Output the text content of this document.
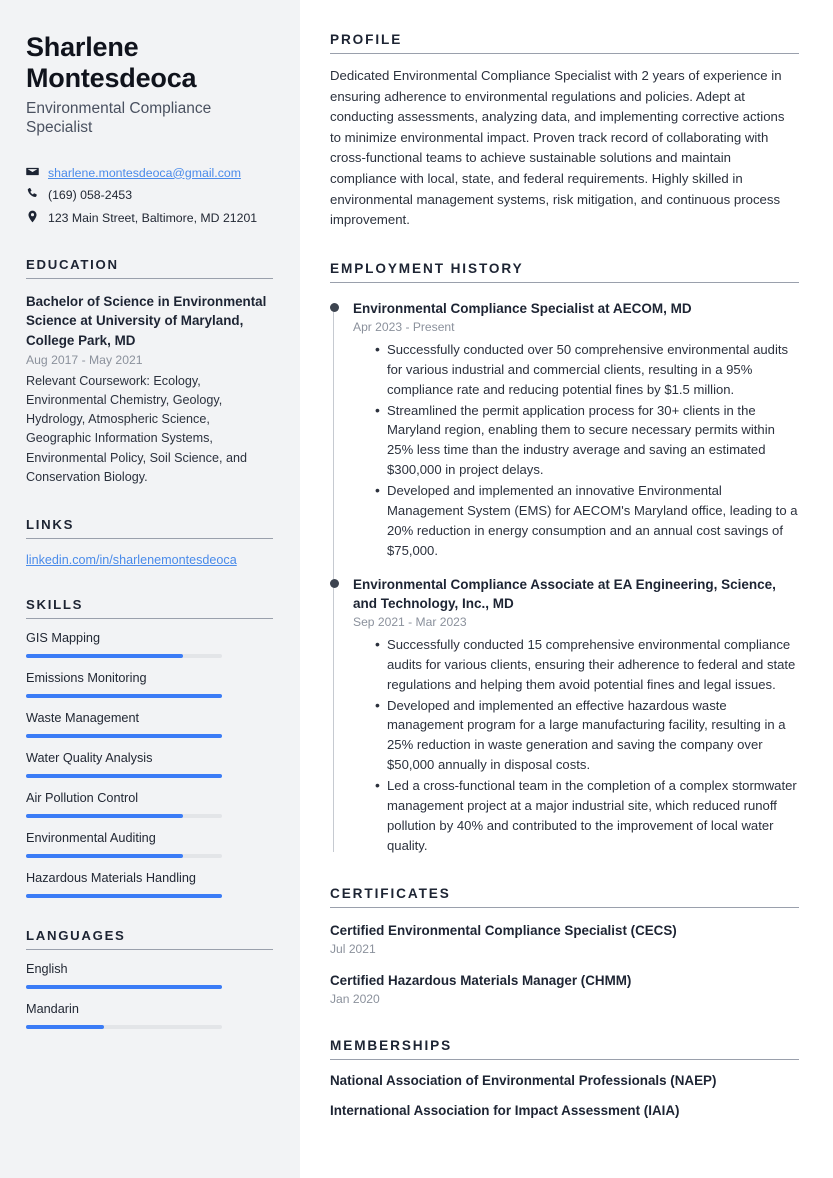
Sharlene Montesdeoca
Environmental Compliance Specialist
sharlene.montesdeoca@gmail.com
(169) 058-2453
123 Main Street, Baltimore, MD 21201
EDUCATION
Bachelor of Science in Environmental Science at University of Maryland, College Park, MD
Aug 2017 - May 2021
Relevant Coursework: Ecology, Environmental Chemistry, Geology, Hydrology, Atmospheric Science, Geographic Information Systems, Environmental Policy, Soil Science, and Conservation Biology.
LINKS
linkedin.com/in/sharlenemontesdeoca
SKILLS
GIS Mapping
Emissions Monitoring
Waste Management
Water Quality Analysis
Air Pollution Control
Environmental Auditing
Hazardous Materials Handling
LANGUAGES
English
Mandarin
PROFILE

Dedicated Environmental Compliance Specialist with 2 years of experience in ensuring adherence to environmental regulations and policies. Adept at conducting assessments, analyzing data, and implementing corrective actions to minimize environmental impact. Proven track record of collaborating with cross-functional teams to achieve sustainable solutions and maintain compliance with local, state, and federal requirements. Highly skilled in environmental management systems, risk mitigation, and continuous process improvement.

EMPLOYMENT HISTORY
Environmental Compliance Specialist at AECOM, MD
Apr 2023 - Present
• Successfully conducted over 50 comprehensive environmental audits for various industrial and commercial clients, resulting in a 95% compliance rate and reducing potential fines by $1.5 million.
• Streamlined the permit application process for 30+ clients in the Maryland region, enabling them to secure necessary permits within 25% less time than the industry average and saving an estimated $300,000 in project delays.
• Developed and implemented an innovative Environmental Management System (EMS) for AECOM's Maryland office, leading to a 20% reduction in energy consumption and an annual cost savings of $75,000.
Environmental Compliance Associate at EA Engineering, Science, and Technology, Inc., MD
Sep 2021 - Mar 2023
• Successfully conducted 15 comprehensive environmental compliance audits for various clients, ensuring their adherence to federal and state regulations and helping them avoid potential fines and legal issues.
• Developed and implemented an effective hazardous waste management program for a large manufacturing facility, resulting in a 25% reduction in waste generation and saving the company over $50,000 annually in disposal costs.
• Led a cross-functional team in the completion of a complex stormwater management project at a major industrial site, which reduced runoff pollution by 40% and contributed to the improvement of local water quality.
CERTIFICATES
Certified Environmental Compliance Specialist (CECS)
Jul 2021
Certified Hazardous Materials Manager (CHMM)
Jan 2020
MEMBERSHIPS
National Association of Environmental Professionals (NAEP)
International Association for Impact Assessment (IAIA)
